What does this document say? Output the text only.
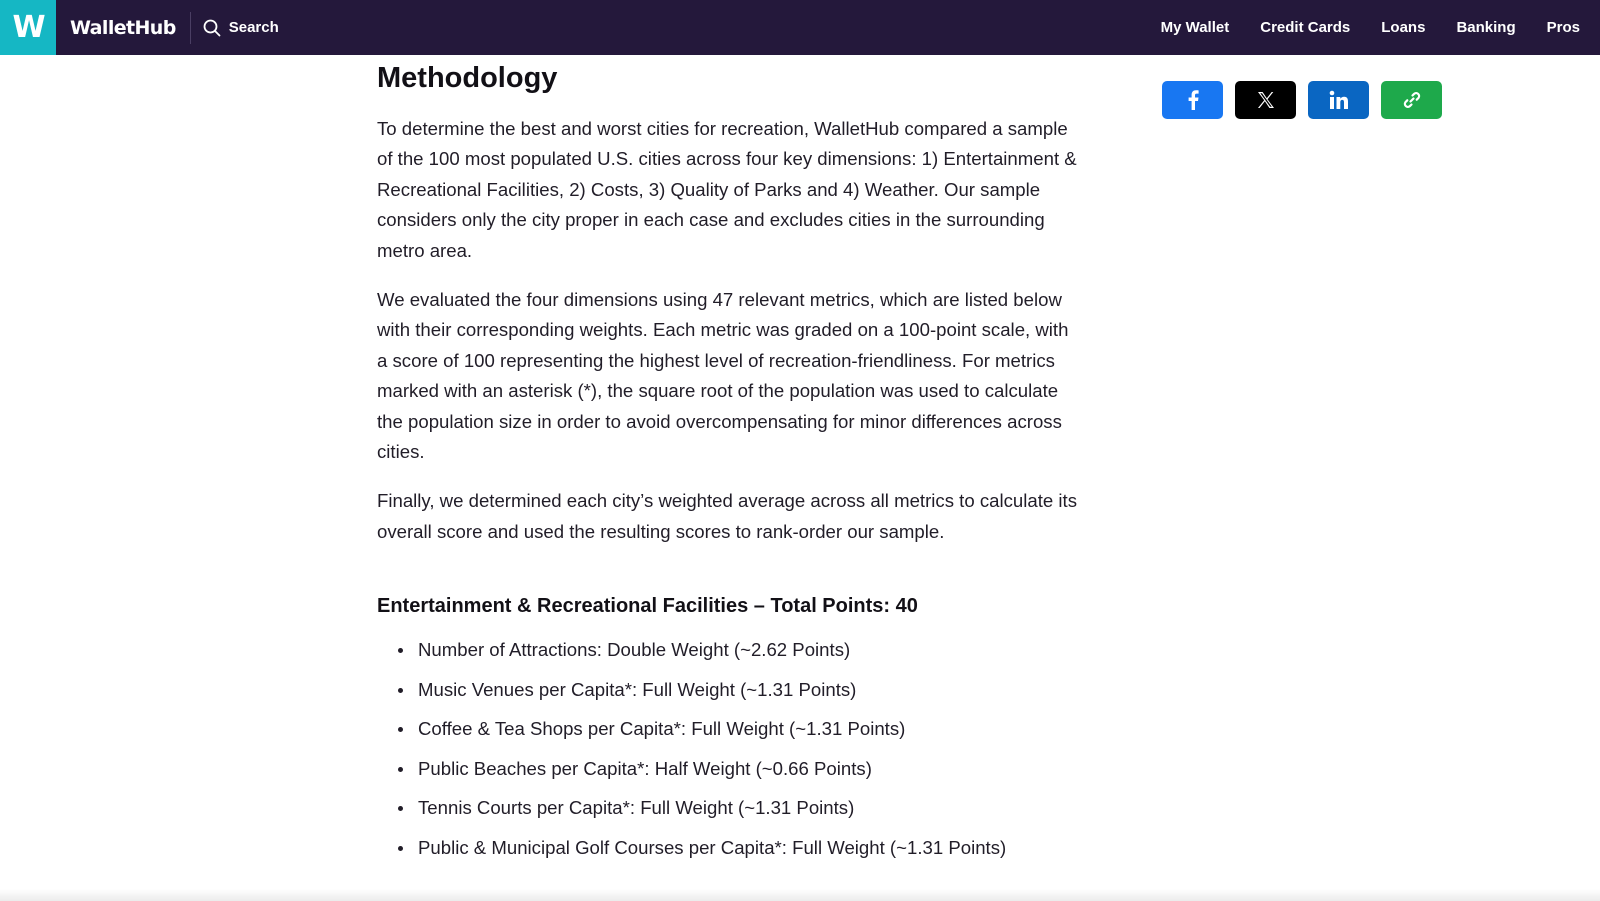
W	WalletHub	Search	My Wallet Credit Cards Loans Banking Pros
Methodology

To determine the best and worst cities for recreation, WalletHub compared a sample of the 100 most populated U.S. cities across four key dimensions: 1) Entertainment & Recreational Facilities, 2) Costs, 3) Quality of Parks and 4) Weather. Our sample considers only the city proper in each case and excludes cities in the surrounding metro area.

We evaluated the four dimensions using 47 relevant metrics, which are listed below with their corresponding weights. Each metric was graded on a 100-point scale, with a score of 100 representing the highest level of recreation-friendliness. For metrics marked with an asterisk (*), the square root of the population was used to calculate the population size in order to avoid overcompensating for minor differences across cities.

Finally, we determined each city’s weighted average across all metrics to calculate its overall score and used the resulting scores to rank-order our sample.

Entertainment & Recreational Facilities – Total Points: 40
Number of Attractions: Double Weight (~2.62 Points)
Music Venues per Capita*: Full Weight (~1.31 Points)
Coffee & Tea Shops per Capita*: Full Weight (~1.31 Points)
Public Beaches per Capita*: Half Weight (~0.66 Points)
Tennis Courts per Capita*: Full Weight (~1.31 Points)
Public & Municipal Golf Courses per Capita*: Full Weight (~1.31 Points)
